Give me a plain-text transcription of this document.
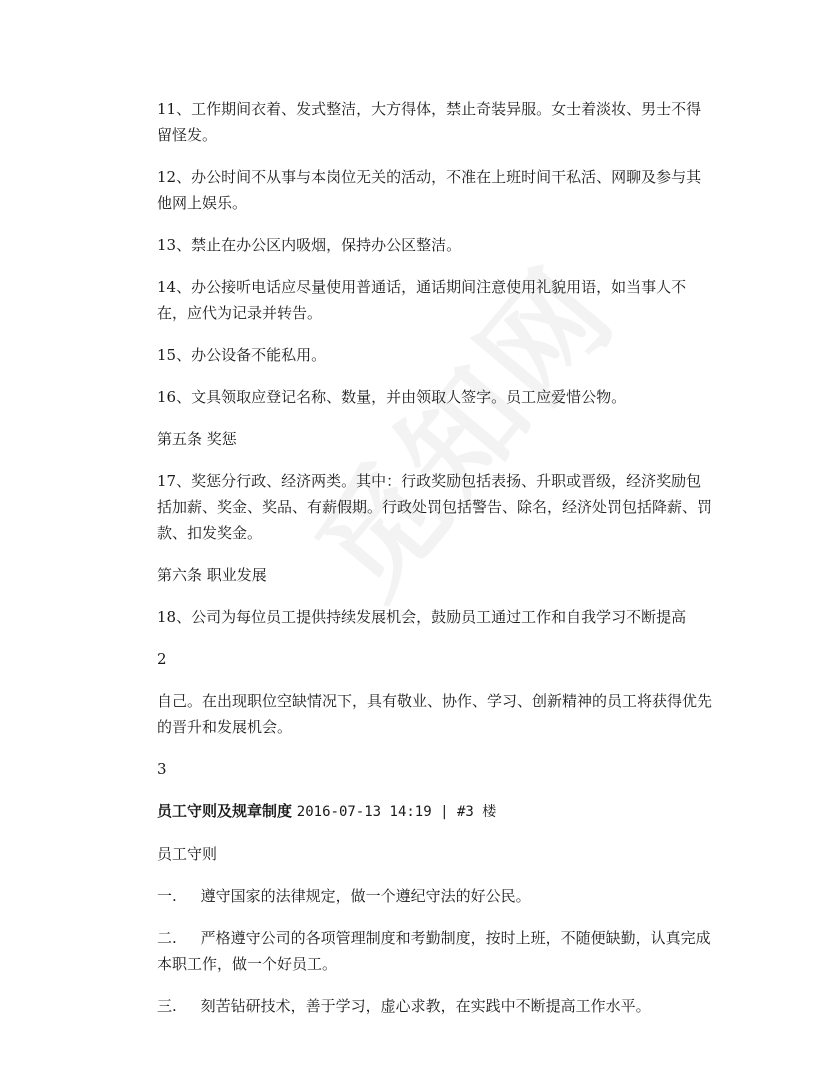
11、工作期间衣着、发式整洁，大方得体，禁止奇装异服。女士着淡妆、男士不得留怪发。

12、办公时间不从事与本岗位无关的活动，不准在上班时间干私活、网聊及参与其他网上娱乐。

13、禁止在办公区内吸烟，保持办公区整洁。

14、办公接听电话应尽量使用普通话，通话期间注意使用礼貌用语，如当事人不在，应代为记录并转告。

15、办公设备不能私用。

16、文具领取应登记名称、数量，并由领取人签字。员工应爱惜公物。

第五条 奖惩

17、奖惩分行政、经济两类。其中：行政奖励包括表扬、升职或晋级，经济奖励包括加薪、奖金、奖品、有薪假期。行政处罚包括警告、除名，经济处罚包括降薪、罚款、扣发奖金。

第六条 职业发展

18、公司为每位员工提供持续发展机会，鼓励员工通过工作和自我学习不断提高

2

自己。在出现职位空缺情况下，具有敬业、协作、学习、创新精神的员工将获得优先的晋升和发展机会。

3

员工守则及规章制度 2016-07-13 14:19 | #3 楼

员工守则

一. 遵守国家的法律规定，做一个遵纪守法的好公民。

二. 严格遵守公司的各项管理制度和考勤制度，按时上班，不随便缺勤，认真完成本职工作，做一个好员工。

三. 刻苦钻研技术，善于学习，虚心求教，在实践中不断提高工作水平。
